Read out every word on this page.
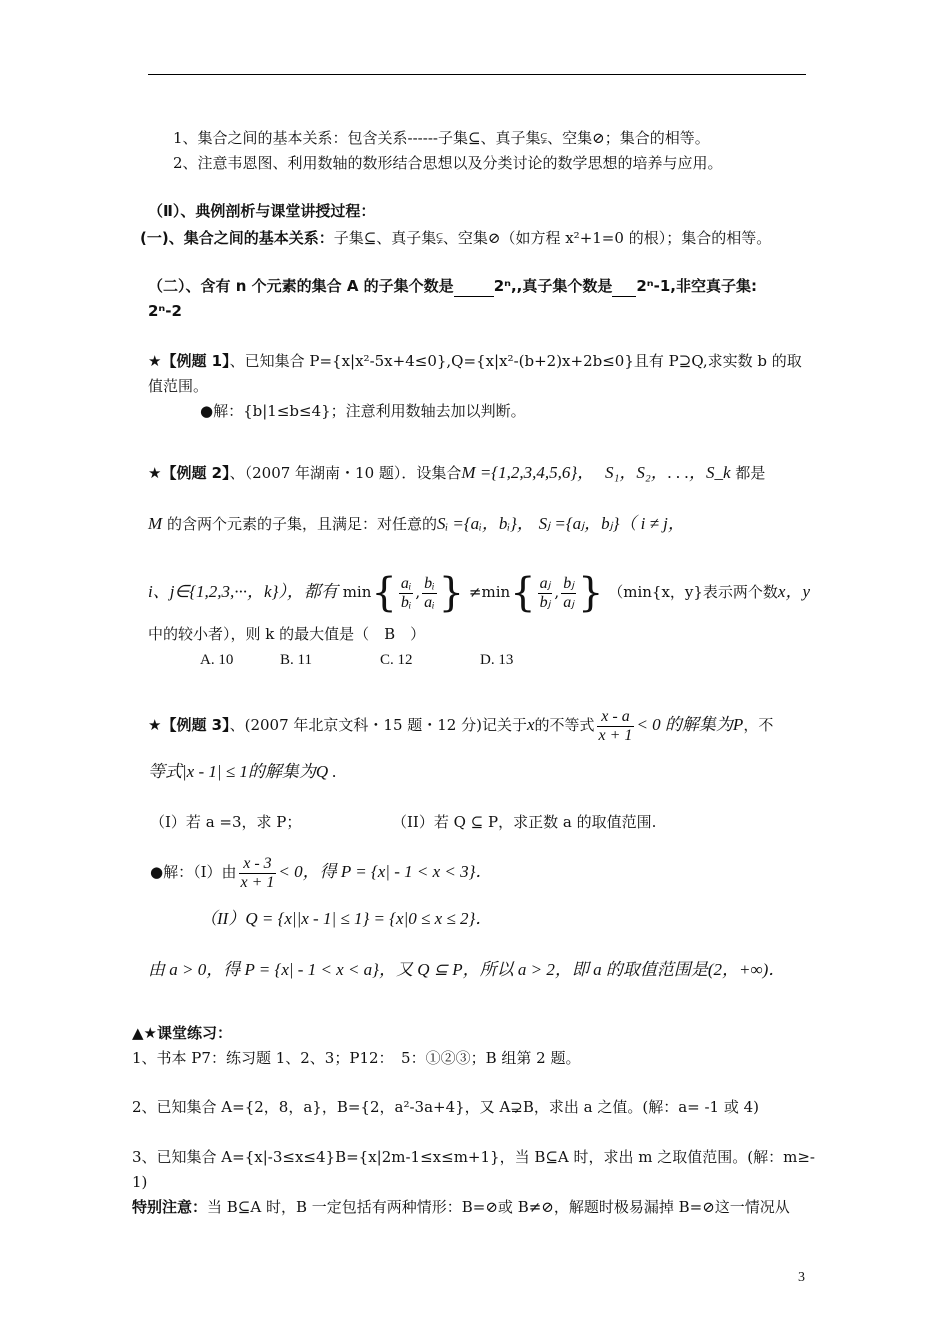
1、集合之间的基本关系：包含关系------子集⊆、真子集⫋、空集⊘；集合的相等。
2、注意韦恩图、利用数轴的数形结合思想以及分类讨论的数学思想的培养与应用。
（Ⅱ）、典例剖析与课堂讲授过程：
(一)、集合之间的基本关系：子集⊆、真子集⫋、空集⊘（如方程 x²+1=0 的根）；集合的相等。
（二）、含有 n 个元素的集合 A 的子集个数是	2ⁿ,,真子集个数是 2ⁿ-1,非空真子集:
2ⁿ-2
★【例题 1】、已知集合 P={x|x²-5x+4≤0},Q={x|x²-(b+2)x+2b≤0}且有 P⊇Q,求实数 b 的取
值范围。
●解：{b|1≤b≤4}；注意利用数轴去加以判断。
★【例题 2】、（2007 年湖南・10 题）．设集合M ={1,2,3,4,5,6}， S₁，S₂，. . .，S_k 都是
M 的含两个元素的子集，且满足：对任意的Sᵢ ={aᵢ，bᵢ}， Sⱼ ={aⱼ，bⱼ}（ i ≠ j，
i、j∈{1,2,3,···，k}），都有 $\min\{ \frac{\text{aᵢ}}{\text{bᵢ}}$ , $\frac{\text{bᵢ}}{\text{aᵢ}}$ } $\ne\min\{ \frac{\text{aⱼ}}{\text{bⱼ}}$ , $\frac{\text{bⱼ}}{\text{aⱼ}}$ } （min{x，y}表示两个数x，y
中的较小者），则 k 的最大值是（　B　）
A. 10	B. 11	C. 12	D. 13
★【例题 3】、(2007 年北京文科・15 题・12 分)记关于x的不等式 $\frac{x - a}{x + 1} < 0$ 的解集为P，不
等式|x - 1| ≤ 1的解集为Q .
（I）若 a =3，求 P；	（II）若 Q ⊆ P，求正数 a 的取值范围.
●解：（I）由 $\frac{x - 3}{x + 1} < 0$，得 P = {x| - 1 < x < 3}．
（II）Q = {x||x - 1| ≤ 1} = {x|0 ≤ x ≤ 2}．
由 a > 0，得 P = {x| - 1 < x < a}，又 Q ⊆ P，所以 a > 2，即 a 的取值范围是(2，+∞)．
▲★课堂练习：
1、书本 P7：练习题 1、2、3；P12：　5：①②③；B 组第 2 题。
2、已知集合 A={2，8，a}，B={2，a²-3a+4}，又 A⊋B，求出 a 之值。(解：a= -1 或 4)
3、已知集合 A={x|-3≤x≤4}B={x|2m-1≤x≤m+1}，当 B⊆A 时，求出 m 之取值范围。(解：m≥-
1)
特别注意：当 B⊆A 时，B 一定包括有两种情形：B=⊘或 B≠⊘，解题时极易漏掉 B=⊘这一情况从
3
